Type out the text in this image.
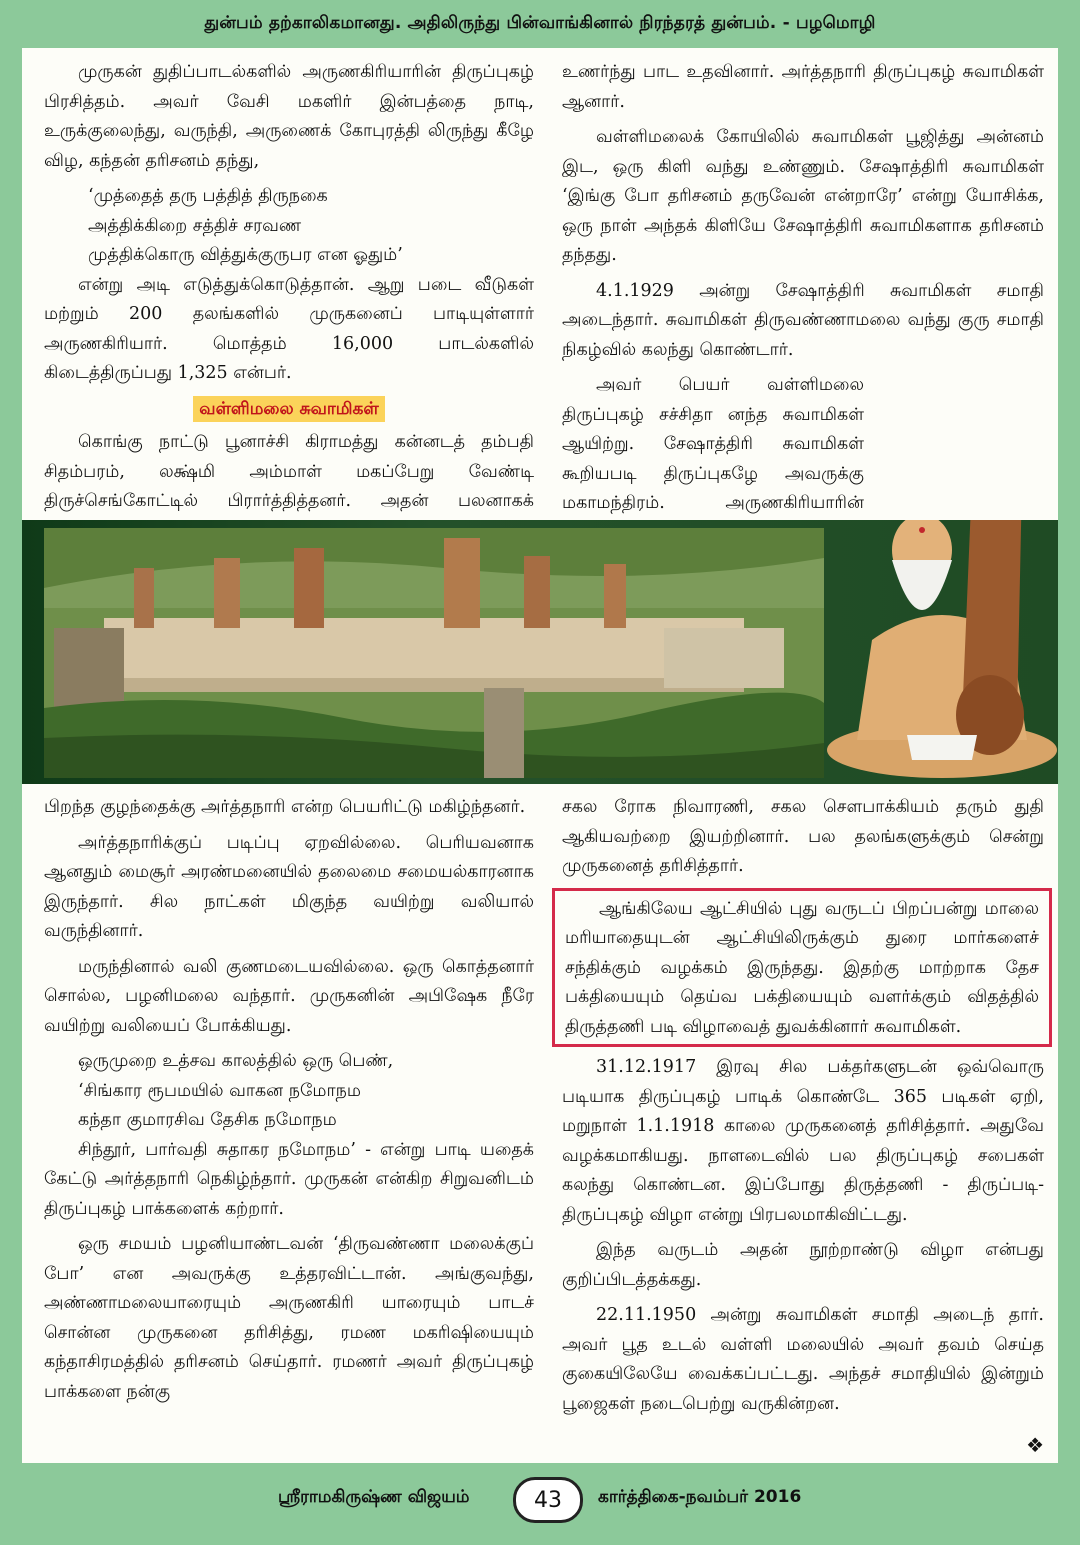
துன்பம் தற்காலிகமானது. அதிலிருந்து பின்வாங்கினால் நிரந்தரத் துன்பம். - பழமொழி

முருகன் துதிப்பாடல்களில் அருணகிரியாரின் திருப்புகழ் பிரசித்தம். அவர் வேசி மகளிர் இன்பத்தை நாடி, உருக்குலைந்து, வருந்தி, அருணைக் கோபுரத்தி லிருந்து கீழே விழ, கந்தன் தரிசனம் தந்து,

‘முத்தைத் தரு பத்தித் திருநகை

அத்திக்கிறை சத்திச் சரவண

முத்திக்கொரு வித்துக்குருபர என ஓதும்’

என்று அடி எடுத்துக்கொடுத்தான். ஆறு படை வீடுகள் மற்றும் 200 தலங்களில் முருகனைப் பாடியுள்ளார் அருணகிரியார். மொத்தம் 16,000 பாடல்களில் கிடைத்திருப்பது 1,325 என்பர்.

வள்ளிமலை சுவாமிகள்

கொங்கு நாட்டு பூனாச்சி கிராமத்து கன்னடத் தம்பதி சிதம்பரம், லக்ஷ்மி அம்மாள் மகப்பேறு வேண்டி திருச்செங்கோட்டில் பிரார்த்தித்தனர். அதன் பலனாகக்

உணர்ந்து பாட உதவினார். அர்த்தநாரி திருப்புகழ் சுவாமிகள் ஆனார்.

வள்ளிமலைக் கோயிலில் சுவாமிகள் பூஜித்து அன்னம் இட, ஒரு கிளி வந்து உண்ணும். சேஷாத்திரி சுவாமிகள் ‘இங்கு போ தரிசனம் தருவேன் என்றாரே’ என்று யோசிக்க, ஒரு நாள் அந்தக் கிளியே சேஷாத்திரி சுவாமிகளாக தரிசனம் தந்தது.

4.1.1929 அன்று சேஷாத்திரி சுவாமிகள் சமாதி அடைந்தார். சுவாமிகள் திருவண்ணாமலை வந்து குரு சமாதி நிகழ்வில் கலந்து கொண்டார்.

அவர் பெயர் வள்ளிமலை திருப்புகழ் சச்சிதா னந்த சுவாமிகள் ஆயிற்று. சேஷாத்திரி சுவாமிகள் கூறியபடி திருப்புகழே அவருக்கு மகாமந்திரம். அருணகிரியாரின்

பிறந்த குழந்தைக்கு அர்த்தநாரி என்ற பெயரிட்டு மகிழ்ந்தனர்.

அர்த்தநாரிக்குப் படிப்பு ஏறவில்லை. பெரியவனாக ஆனதும் மைசூர் அரண்மனையில் தலைமை சமையல்காரனாக இருந்தார். சில நாட்கள் மிகுந்த வயிற்று வலியால் வருந்தினார்.

மருந்தினால் வலி குணமடையவில்லை. ஒரு கொத்தனார் சொல்ல, பழனிமலை வந்தார். முருகனின் அபிஷேக நீரே வயிற்று வலியைப் போக்கியது.

ஒருமுறை உத்சவ காலத்தில் ஒரு பெண்,

‘சிங்கார ரூபமயில் வாகன நமோநம

கந்தா குமாரசிவ தேசிக நமோநம

சிந்தூர், பார்வதி சுதாகர நமோநம’ - என்று பாடி யதைக் கேட்டு அர்த்தநாரி நெகிழ்ந்தார். முருகன் என்கிற சிறுவனிடம் திருப்புகழ் பாக்களைக் கற்றார்.

ஒரு சமயம் பழனியாண்டவன் ‘திருவண்ணா மலைக்குப் போ’ என அவருக்கு உத்தரவிட்டான். அங்குவந்து, அண்ணாமலையாரையும் அருணகிரி யாரையும் பாடச் சொன்ன முருகனை தரிசித்து, ரமண மகரிஷியையும் கந்தாசிரமத்தில் தரிசனம் செய்தார். ரமணர் அவர் திருப்புகழ் பாக்களை நன்கு

சகல ரோக நிவாரணி, சகல சௌபாக்கியம் தரும் துதி ஆகியவற்றை இயற்றினார். பல தலங்களுக்கும் சென்று முருகனைத் தரிசித்தார்.

ஆங்கிலேய ஆட்சியில் புது வருடப் பிறப்பன்று மாலை மரியாதையுடன் ஆட்சியிலிருக்கும் துரை மார்களைச் சந்திக்கும் வழக்கம் இருந்தது. இதற்கு மாற்றாக தேச பக்தியையும் தெய்வ பக்தியையும் வளர்க்கும் விதத்தில் திருத்தணி படி விழாவைத் துவக்கினார் சுவாமிகள்.

31.12.1917 இரவு சில பக்தர்களுடன் ஒவ்வொரு படியாக திருப்புகழ் பாடிக் கொண்டே 365 படிகள் ஏறி, மறுநாள் 1.1.1918 காலை முருகனைத் தரிசித்தார். அதுவே வழக்கமாகியது. நாளடைவில் பல திருப்புகழ் சபைகள் கலந்து கொண்டன. இப்போது திருத்தணி - திருப்படி- திருப்புகழ் விழா என்று பிரபலமாகிவிட்டது.

இந்த வருடம் அதன் நூற்றாண்டு விழா என்பது குறிப்பிடத்தக்கது.

22.11.1950 அன்று சுவாமிகள் சமாதி அடைந் தார். அவர் பூத உடல் வள்ளி மலையில் அவர் தவம் செய்த குகையிலேயே வைக்கப்பட்டது. அந்தச் சமாதியில் இன்றும் பூஜைகள் நடைபெற்று வருகின்றன.

❖
ஸ்ரீராமகிருஷ்ண விஜயம்	43	கார்த்திகை-நவம்பர் 2016
